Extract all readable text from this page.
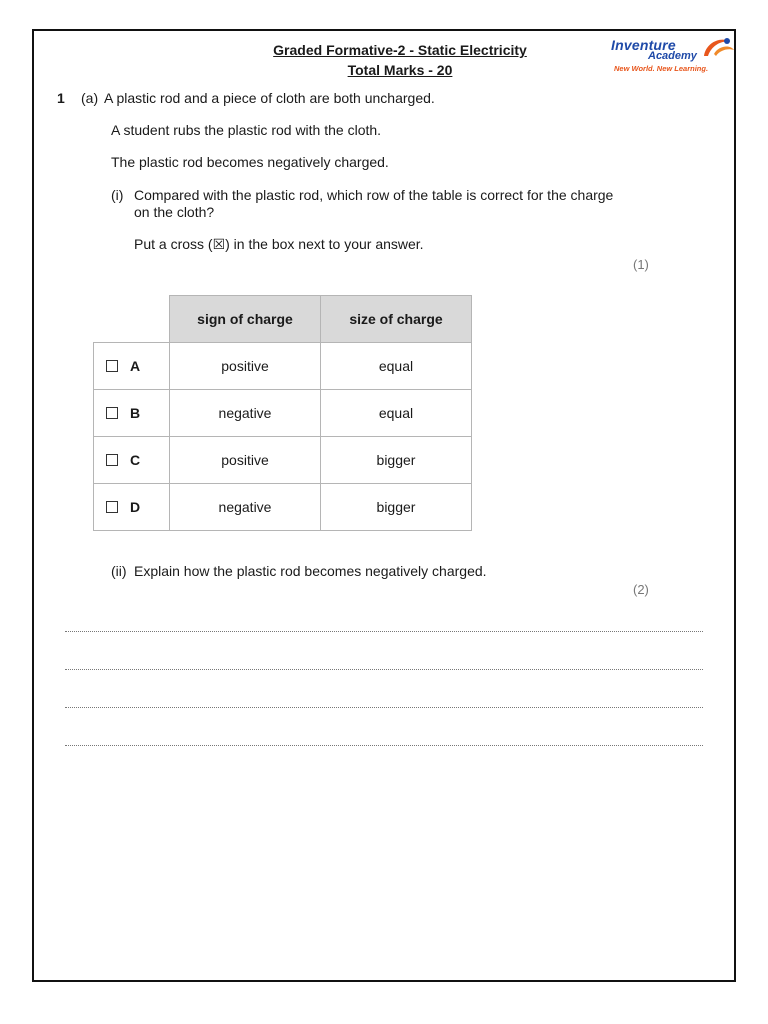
Graded Formative-2 - Static Electricity
Total Marks - 20
Inventure
Academy
New World. New Learning.
1 (a) A plastic rod and a piece of cloth are both uncharged.
A student rubs the plastic rod with the cloth.
The plastic rod becomes negatively charged.
(i) Compared with the plastic rod, which row of the table is correct for the charge
on the cloth?
Put a cross (☒) in the box next to your answer.
(1)
	sign of charge	size of charge
A	positive	equal
B	negative	equal
C	positive	bigger
D	negative	bigger
(ii) Explain how the plastic rod becomes negatively charged.
(2)
